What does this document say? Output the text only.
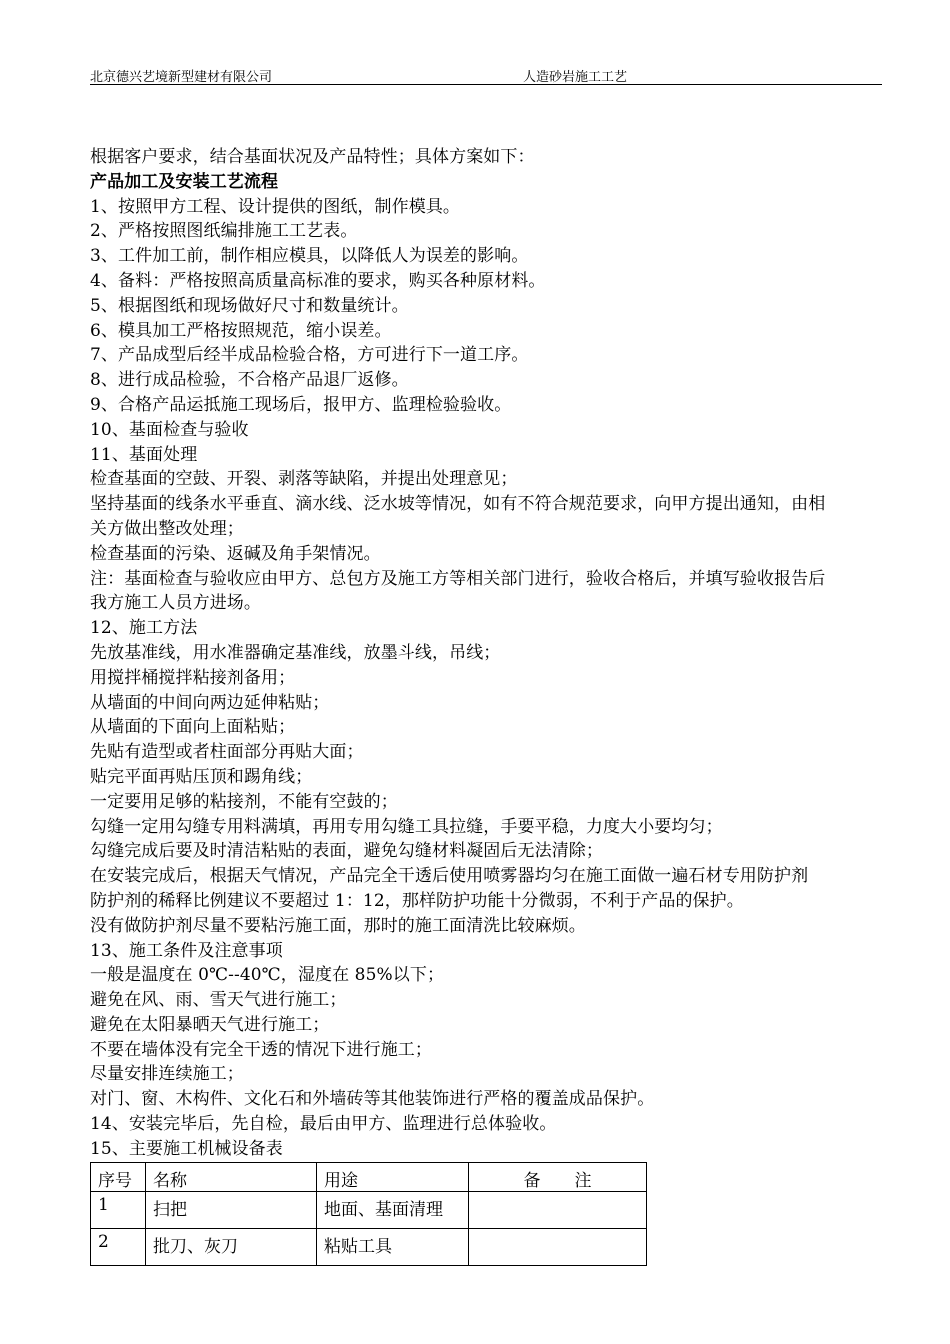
北京德兴艺境新型建材有限公司	人造砂岩施工工艺
根据客户要求，结合基面状况及产品特性；具体方案如下：
产品加工及安装工艺流程
1、按照甲方工程、设计提供的图纸，制作模具。
2、严格按照图纸编排施工工艺表。
3、工件加工前，制作相应模具，以降低人为误差的影响。
4、备料：严格按照高质量高标准的要求，购买各种原材料。
5、根据图纸和现场做好尺寸和数量统计。
6、模具加工严格按照规范，缩小误差。
7、产品成型后经半成品检验合格，方可进行下一道工序。
8、进行成品检验，不合格产品退厂返修。
9、合格产品运抵施工现场后，报甲方、监理检验验收。
10、基面检查与验收
11、基面处理
检查基面的空鼓、开裂、剥落等缺陷，并提出处理意见；
坚持基面的线条水平垂直、滴水线、泛水坡等情况，如有不符合规范要求，向甲方提出通知，由相
关方做出整改处理；
检查基面的污染、返碱及角手架情况。
注：基面检查与验收应由甲方、总包方及施工方等相关部门进行，验收合格后，并填写验收报告后
我方施工人员方进场。
12、施工方法
先放基准线，用水准器确定基准线，放墨斗线，吊线；
用搅拌桶搅拌粘接剂备用；
从墙面的中间向两边延伸粘贴；
从墙面的下面向上面粘贴；
先贴有造型或者柱面部分再贴大面；
贴完平面再贴压顶和踢角线；
一定要用足够的粘接剂，不能有空鼓的；
勾缝一定用勾缝专用料满填，再用专用勾缝工具拉缝，手要平稳，力度大小要均匀；
勾缝完成后要及时清洁粘贴的表面，避免勾缝材料凝固后无法清除；
在安装完成后，根据天气情况，产品完全干透后使用喷雾器均匀在施工面做一遍石材专用防护剂
防护剂的稀释比例建议不要超过 1：12，那样防护功能十分微弱，不利于产品的保护。
没有做防护剂尽量不要粘污施工面，那时的施工面清洗比较麻烦。
13、施工条件及注意事项
一般是温度在 0℃--40℃，湿度在 85%以下；
避免在风、雨、雪天气进行施工；
避免在太阳暴晒天气进行施工；
不要在墙体没有完全干透的情况下进行施工；
尽量安排连续施工；
对门、窗、木构件、文化石和外墙砖等其他装饰进行严格的覆盖成品保护。
14、安装完毕后，先自检，最后由甲方、监理进行总体验收。
15、主要施工机械设备表
序号	名称	用途	备　　注
1	扫把	地面、基面清理	
2	批刀、灰刀	粘贴工具	
